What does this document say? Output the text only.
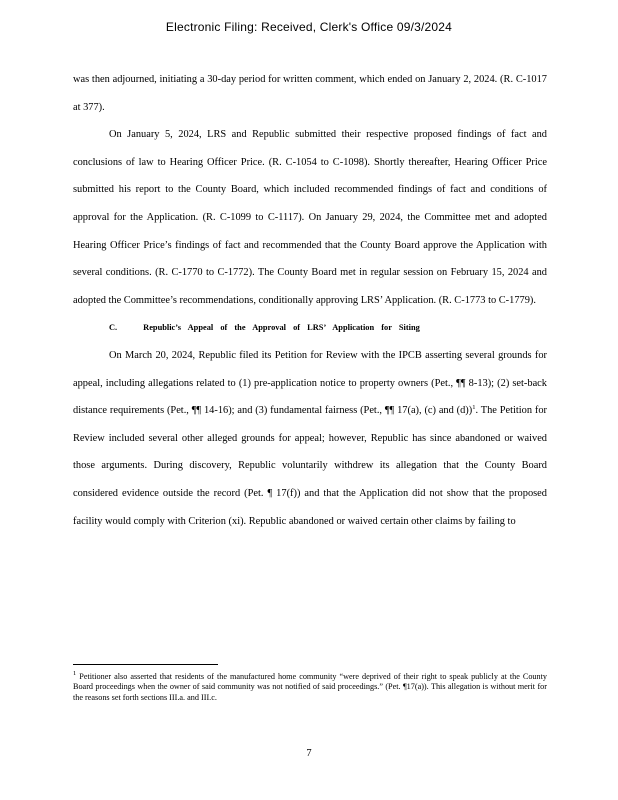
Electronic Filing: Received, Clerk's Office 09/3/2024

was then adjourned, initiating a 30-day period for written comment, which ended on January 2, 2024. (R. C-1017 at 377).

On January 5, 2024, LRS and Republic submitted their respective proposed findings of fact and conclusions of law to Hearing Officer Price. (R. C-1054 to C-1098). Shortly thereafter, Hearing Officer Price submitted his report to the County Board, which included recommended findings of fact and conditions of approval for the Application. (R. C-1099 to C-1117). On January 29, 2024, the Committee met and adopted Hearing Officer Price’s findings of fact and recommended that the County Board approve the Application with several conditions. (R. C-1770 to C-1772). The County Board met in regular session on February 15, 2024 and adopted the Committee’s recommendations, conditionally approving LRS’ Application. (R. C-1773 to C-1779).

C.	Republic’s Appeal of the Approval of LRS’ Application for Siting

On March 20, 2024, Republic filed its Petition for Review with the IPCB asserting several grounds for appeal, including allegations related to (1) pre-application notice to property owners (Pet., ¶¶ 8-13); (2) set-back distance requirements (Pet., ¶¶ 14-16); and (3) fundamental fairness (Pet., ¶¶ 17(a), (c) and (d))$^1$. The Petition for Review included several other alleged grounds for appeal; however, Republic has since abandoned or waived those arguments. During discovery, Republic voluntarily withdrew its allegation that the County Board considered evidence outside the record (Pet. ¶ 17(f)) and that the Application did not show that the proposed facility would comply with Criterion (xi). Republic abandoned or waived certain other claims by failing to

$^1$ Petitioner also asserted that residents of the manufactured home community “were deprived of their right to speak publicly at the County Board proceedings when the owner of said community was not notified of said proceedings.” (Pet. ¶17(a)). This allegation is without merit for the reasons set forth sections III.a. and III.c.

7
